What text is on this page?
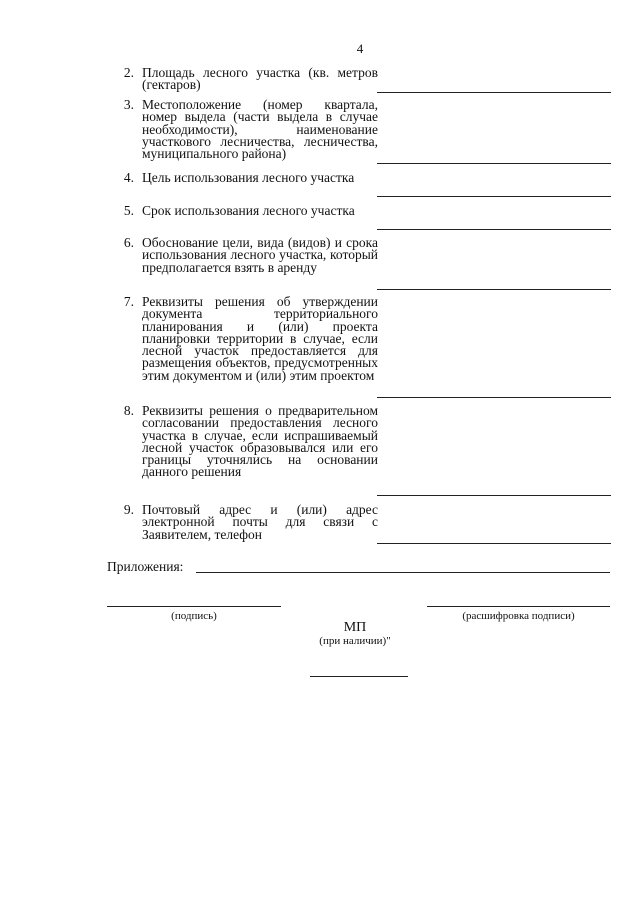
4
2. Площадь лесного участка (кв. метров (гектаров)
3. Местоположение (номер квартала, номер выдела (части выдела в случае необходимости), наименование участкового лесничества, лесничества, муниципального района)
4. Цель использования лесного участка
5. Срок использования лесного участка
6. Обоснование цели, вида (видов) и срока использования лесного участка, который предполагается взять в аренду
7. Реквизиты решения об утверждении документа территориального планирования и (или) проекта планировки территории в случае, если лесной участок предоставляется для размещения объектов, предусмотренных этим документом и (или) этим проектом
8. Реквизиты решения о предварительном согласовании предоставления лесного участка в случае, если испрашиваемый лесной участок образовывался или его границы уточнялись на основании данного решения
9. Почтовый адрес и (или) адрес электронной почты для связи с Заявителем, телефон
Приложения:
(подпись)	(расшифровка подписи)
МП
(при наличии)"
